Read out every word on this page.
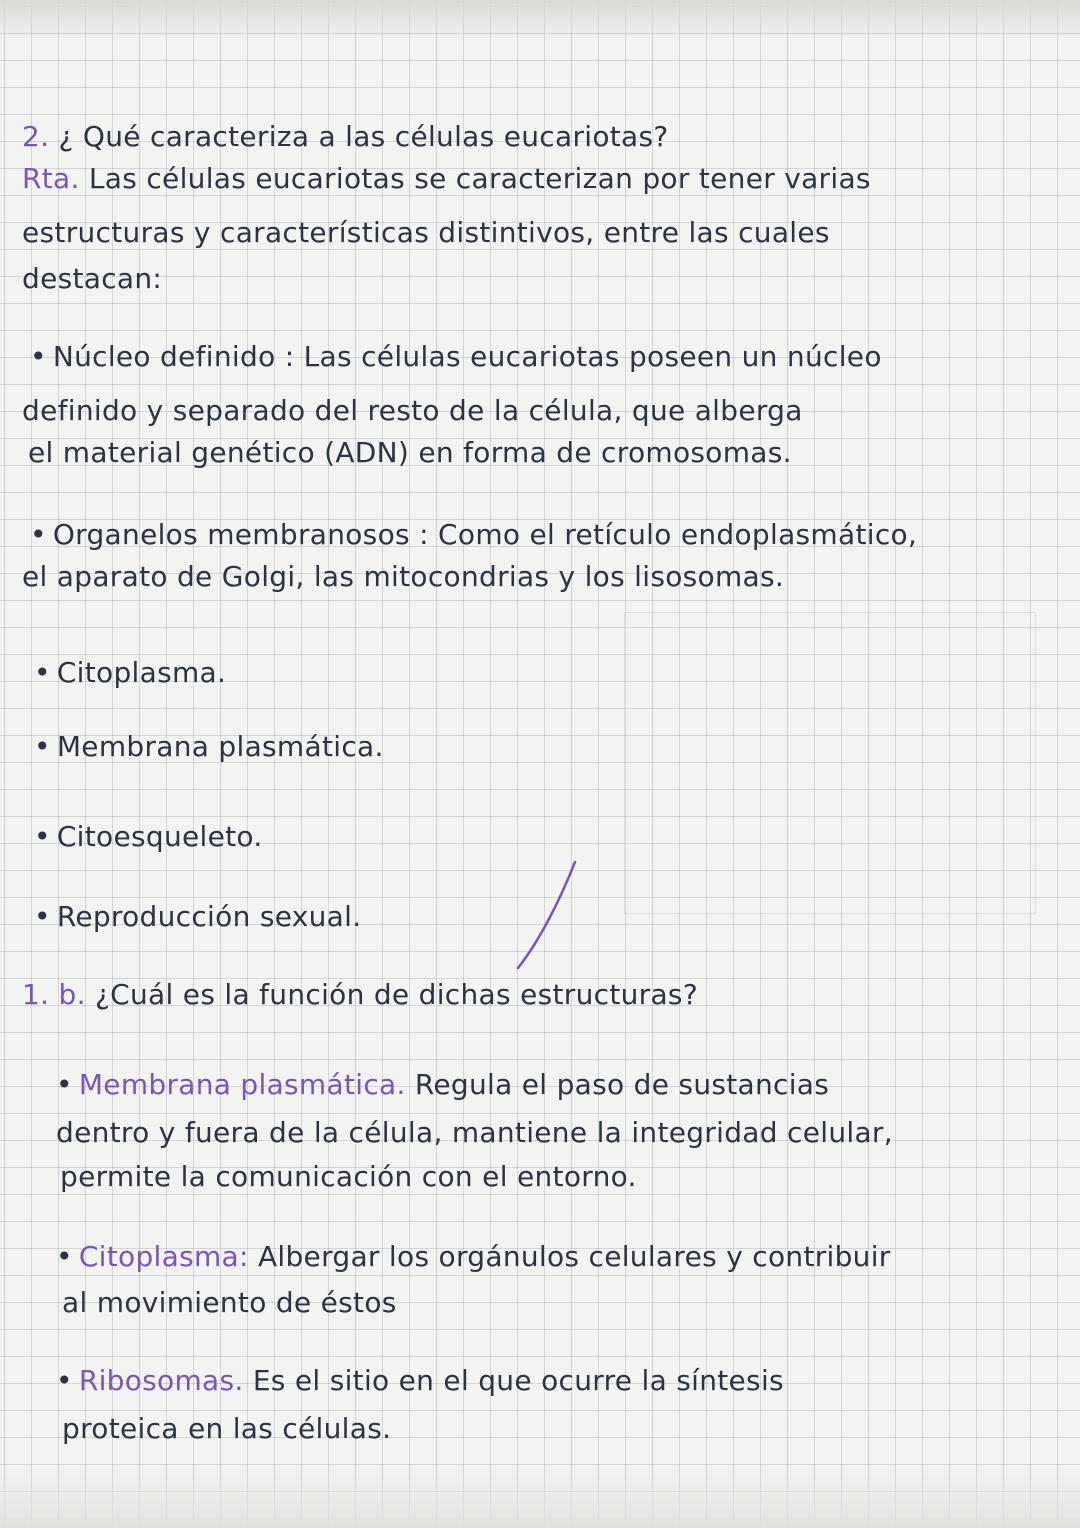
2. ¿ Qué caracteriza a las células eucariotas?
Rta. Las células eucariotas se caracterizan por tener varias
estructuras y características distintivos, entre las cuales
destacan:
• Núcleo definido : Las células eucariotas poseen un núcleo
definido y separado del resto de la célula, que alberga
el material genético (ADN) en forma de cromosomas.
• Organelos membranosos : Como el retículo endoplasmático,
el aparato de Golgi, las mitocondrias y los lisosomas.
• Citoplasma.
• Membrana plasmática.
• Citoesqueleto.
• Reproducción sexual.
1. b. ¿Cuál es la función de dichas estructuras?
• Membrana plasmática. Regula el paso de sustancias
dentro y fuera de la célula, mantiene la integridad celular,
permite la comunicación con el entorno.
• Citoplasma: Albergar los orgánulos celulares y contribuir
al movimiento de éstos
• Ribosomas. Es el sitio en el que ocurre la síntesis
proteica en las células.
